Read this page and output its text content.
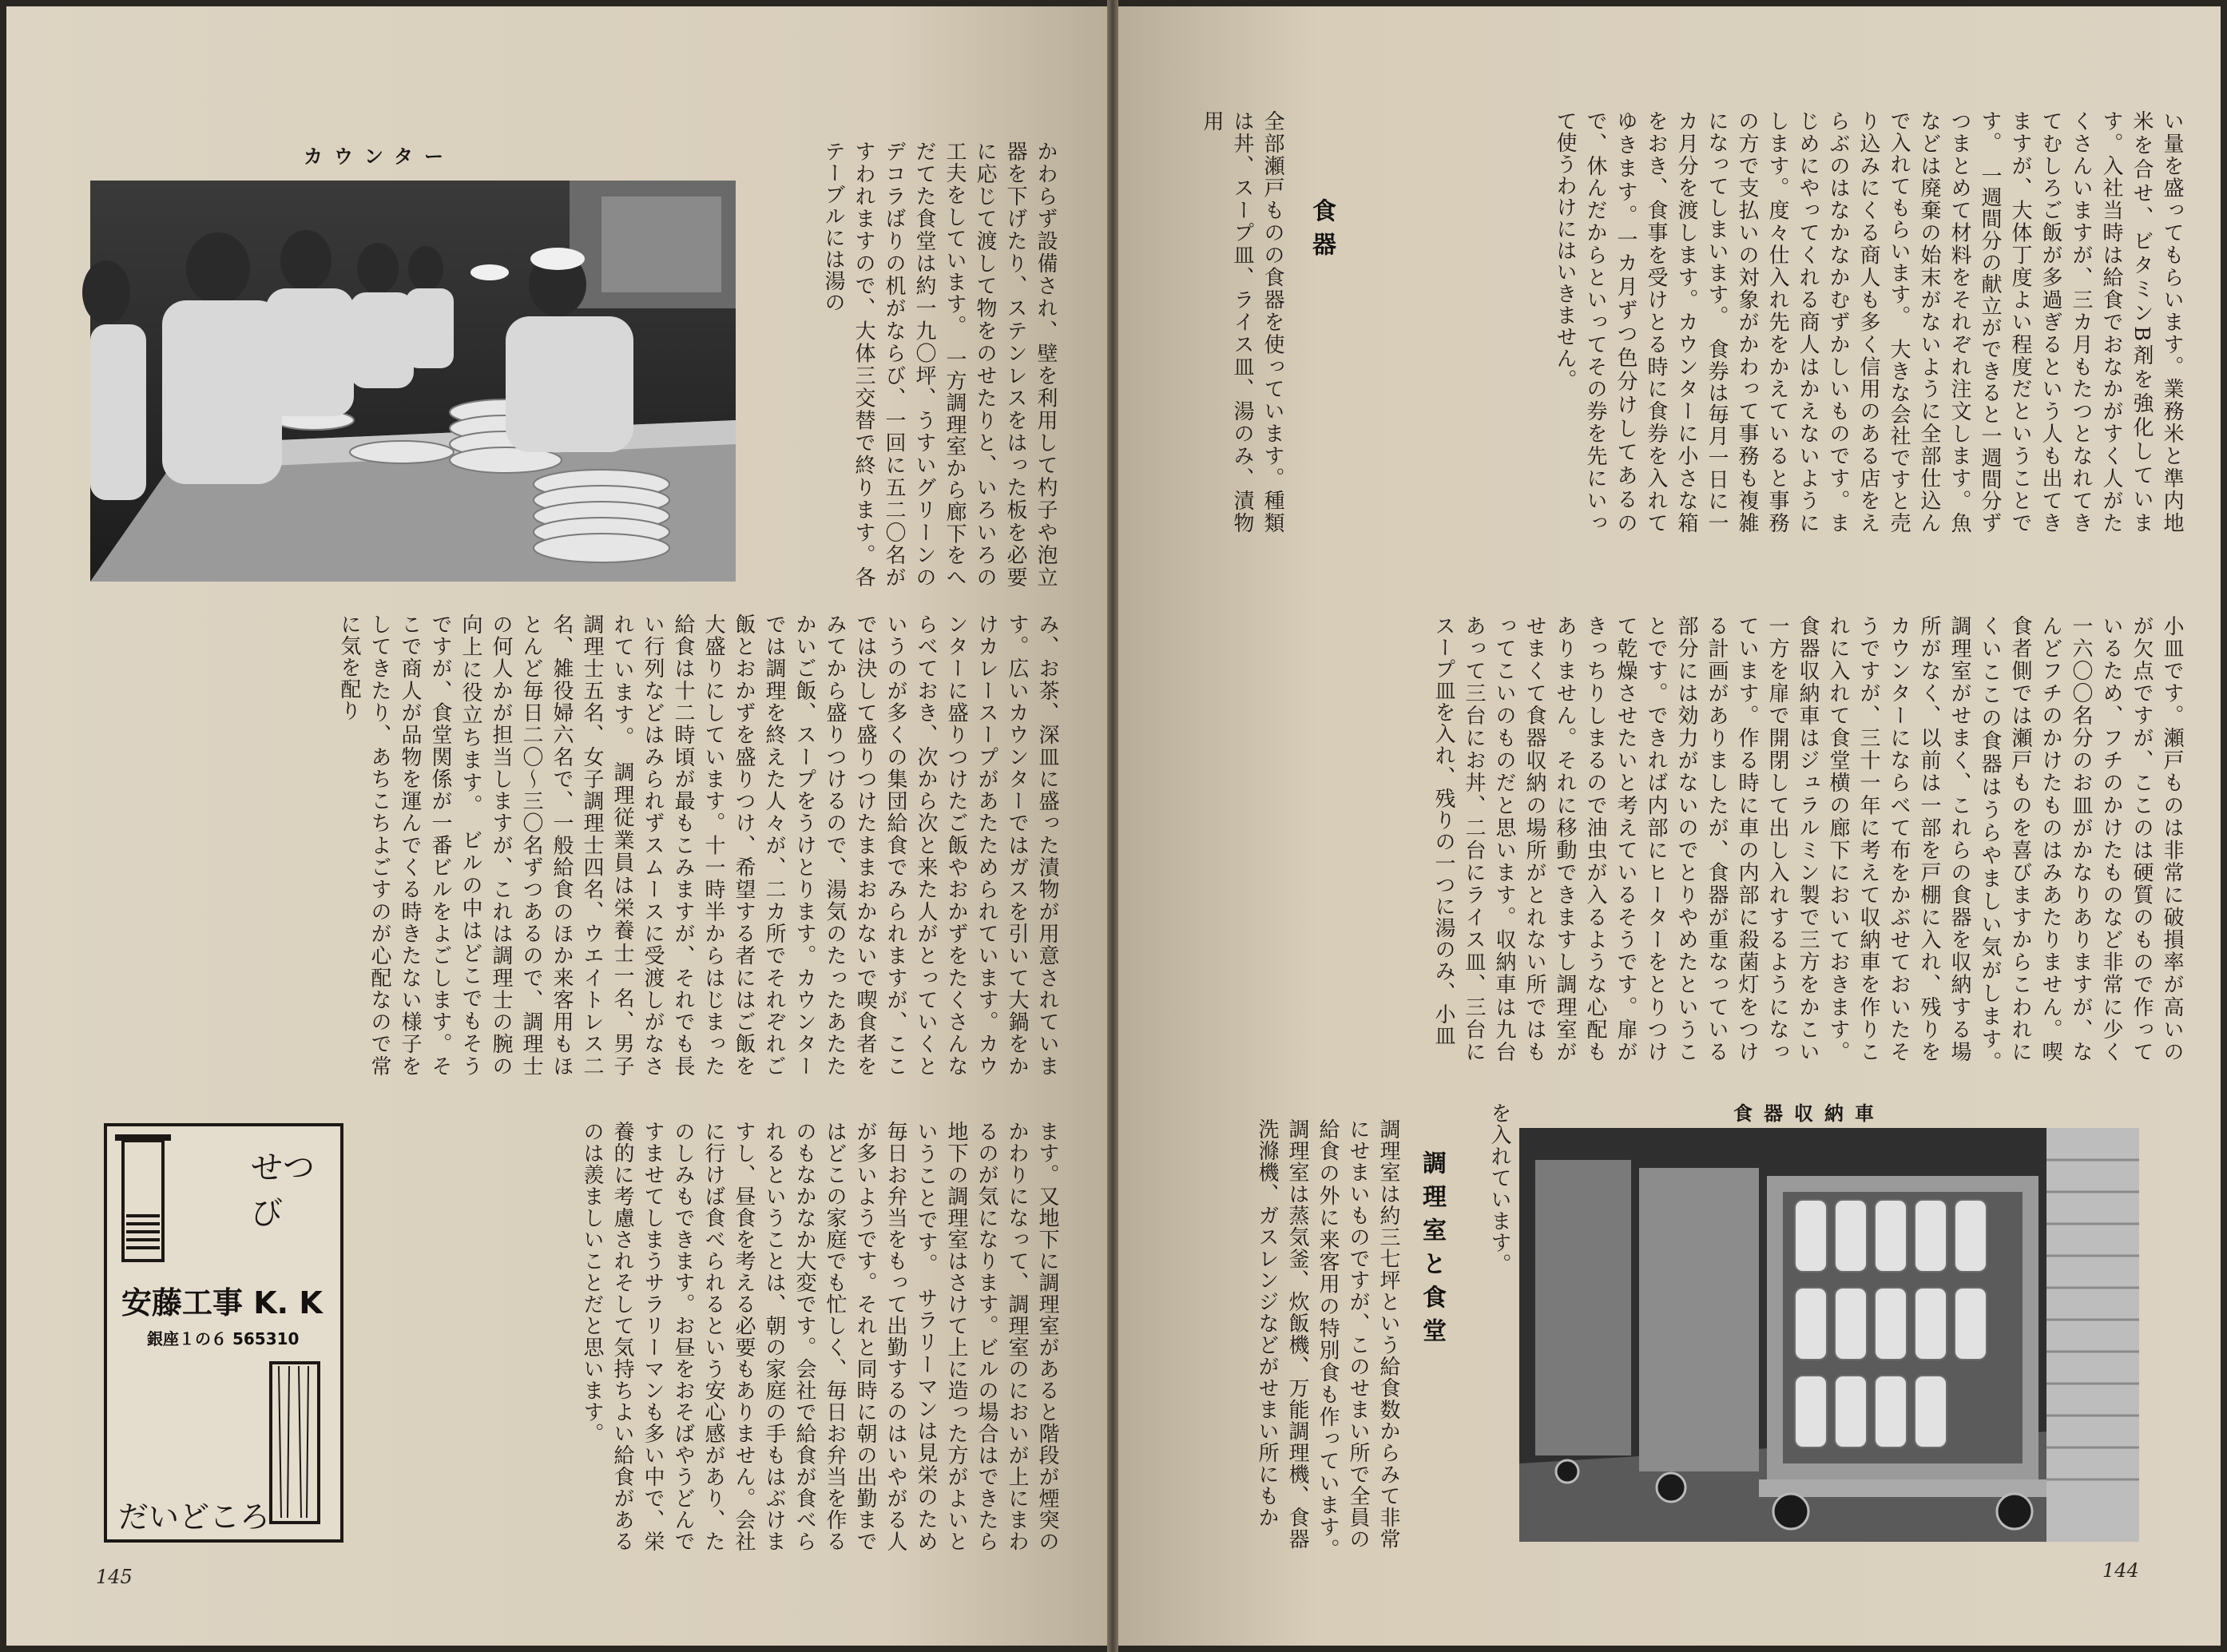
カウンター	かわらず設備され、壁を利用して杓子や泡立器を下げたり、ステンレスをはった板を必要に応じて渡して物をのせたりと、いろいろの工夫をしています。　一方調理室から廊下をへだてた食堂は約一九〇坪、うすいグリーンのデコラばりの机がならび、一回に五二〇名がすわれますので、大体三交替で終ります。各テーブルには湯の
み、お茶、深皿に盛った漬物が用意されています。広いカウンターではガスを引いて大鍋をかけカレースープがあたためられています。カウンターに盛りつけたご飯やおかずをたくさんならべておき、次から次と来た人がとっていくというのが多くの集団給食でみられますが、ここでは決して盛りつけたままおかないで喫食者をみてから盛りつけるので、湯気のたったあたたかいご飯、スープをうけとります。カウンターでは調理を終えた人々が、二カ所でそれぞれご飯とおかずを盛りつけ、希望する者にはご飯を大盛りにしています。十一時半からはじまった給食は十二時頃が最もこみますが、それでも長い行列などはみられずスムースに受渡しがなされています。　調理従業員は栄養士一名、男子調理士五名、女子調理士四名、ウエイトレス二名、雑役婦六名で、一般給食のほか来客用もほとんど毎日二〇〜三〇名ずつあるので、調理士の何人かが担当しますが、これは調理士の腕の向上に役立ちます。　ビルの中はどこでもそうですが、食堂関係が一番ビルをよごします。そこで商人が品物を運んでくる時きたない様子をしてきたり、あちこちよごすのが心配なので常に気を配り
ます。又地下に調理室があると階段が煙突のかわりになって、調理室のにおいが上にまわるのが気になります。ビルの場合はできたら地下の調理室はさけて上に造った方がよいということです。　サラリーマンは見栄のため毎日お弁当をもって出勤するのはいやがる人が多いようです。それと同時に朝の出勤まではどこの家庭でも忙しく、毎日お弁当を作るのもなかなか大変です。会社で給食が食べられるということは、朝の家庭の手もはぶけますし、昼食を考える必要もありません。会社に行けば食べられるという安心感があり、たのしみもできます。お昼をおそばやうどんですませてしまうサラリーマンも多い中で、栄養的に考慮されそして気持ちよい給食があるのは羨ましいことだと思います。
せつび
安藤工事 K. K
銀座１の６ 565310
だいどころ
145
い量を盛ってもらいます。業務米と準内地米を合せ、ビタミンB剤を強化しています。入社当時は給食でおなかがすく人がたくさんいますが、三カ月もたつとなれてきてむしろご飯が多過ぎるという人も出てきますが、大体丁度よい程度だということです。　一週間分の献立ができると一週間分ずつまとめて材料をそれぞれ注文します。魚などは廃棄の始末がないように全部仕込んで入れてもらいます。　大きな会社ですと売り込みにくる商人も多く信用のある店をえらぶのはなかなかむずかしいものです。まじめにやってくれる商人はかえないようにします。度々仕入れ先をかえていると事務の方で支払いの対象がかわって事務も複雑になってしまいます。　食券は毎月一日に一カ月分を渡します。カウンターに小さな箱をおき、食事を受けとる時に食券を入れてゆきます。一カ月ずつ色分けしてあるので、休んだからといってその券を先にいって使うわけにはいきません。
食器
全部瀬戸ものの食器を使っています。種類は丼、スープ皿、ライス皿、湯のみ、漬物用
小皿です。瀬戸ものは非常に破損率が高いのが欠点ですが、ここのは硬質のもので作っているため、フチのかけたものなど非常に少く一六〇〇名分のお皿がかなりありますが、なんどフチのかけたものはみあたりません。喫食者側では瀬戸ものを喜びますからこわれにくいここの食器はうらやましい気がします。　調理室がせまく、これらの食器を収納する場所がなく、以前は一部を戸棚に入れ、残りをカウンターにならべて布をかぶせておいたそうですが、三十一年に考えて収納車を作りこれに入れて食堂横の廊下においておきます。食器収納車はジュラルミン製で三方をかこい一方を扉で開閉して出し入れするようになっています。作る時に車の内部に殺菌灯をつける計画がありましたが、食器が重なっている部分には効力がないのでとりやめたということです。できれば内部にヒーターをとりつけて乾燥させたいと考えているそうです。扉がきっちりしまるので油虫が入るような心配もありません。それに移動できますし調理室がせまくて食器収納の場所がとれない所ではもってこいのものだと思います。収納車は九台あって三台にお丼、二台にライス皿、三台にスープ皿を入れ、残りの一つに湯のみ、小皿
を入れています。	食器収納車
調理室と食堂
調理室は約三七坪という給食数からみて非常にせまいものですが、このせまい所で全員の給食の外に来客用の特別食も作っています。　調理室は蒸気釜、炊飯機、万能調理機、食器洗滌機、ガスレンジなどがせまい所にもか
144
